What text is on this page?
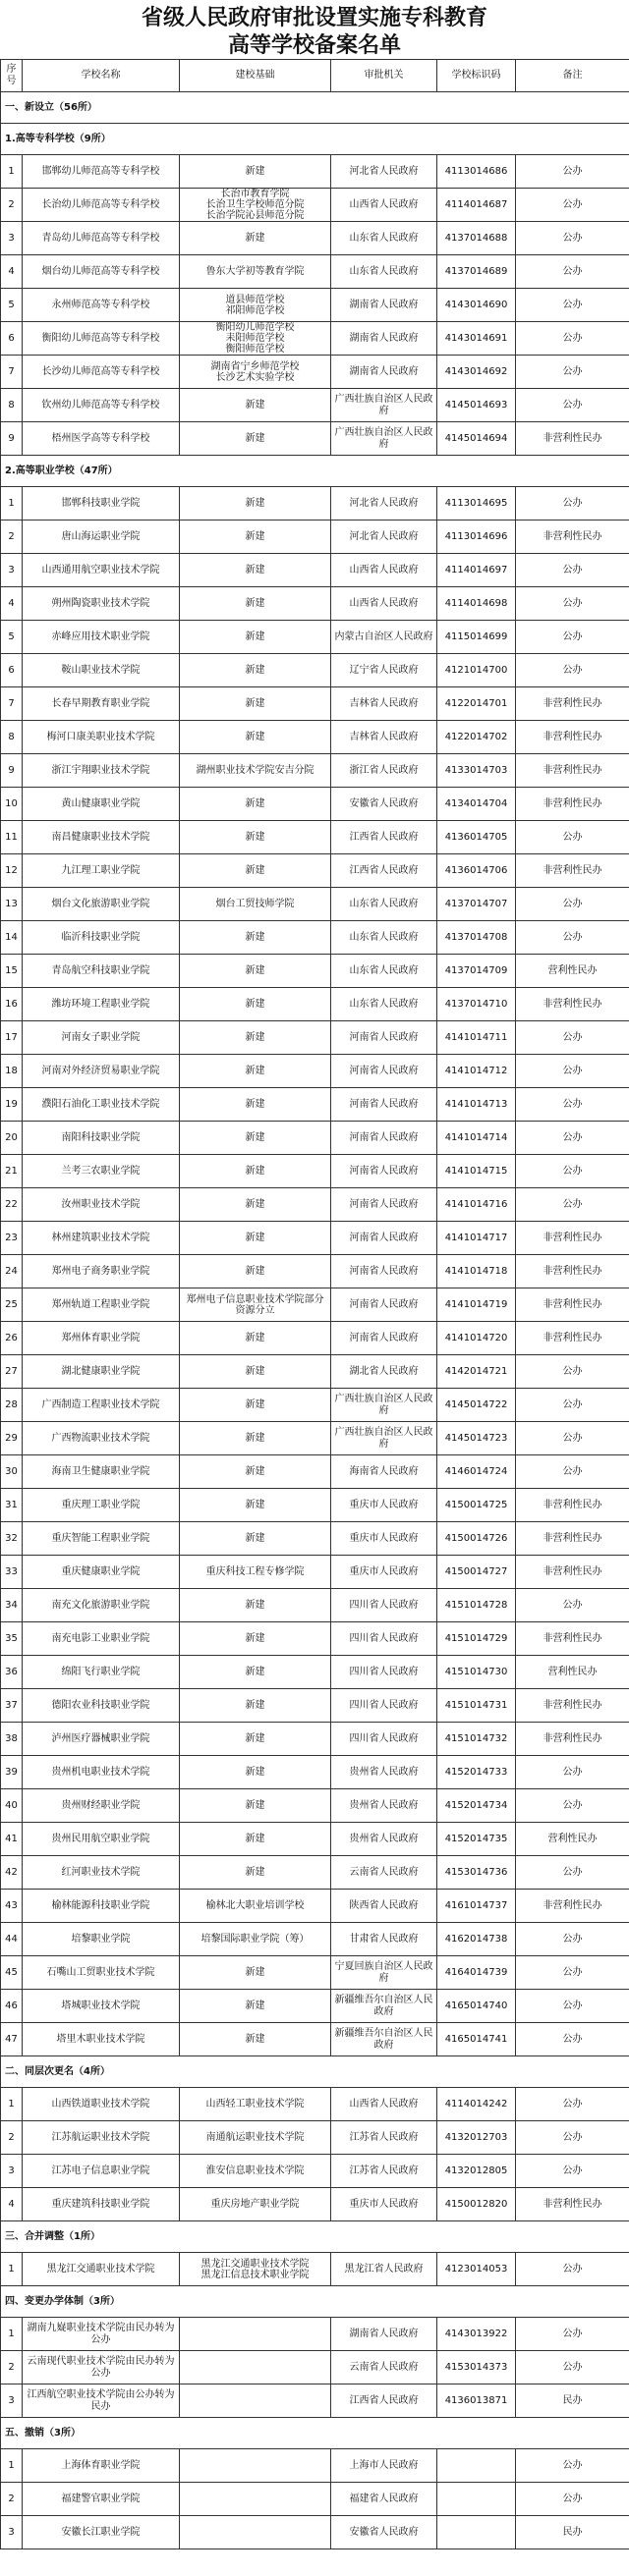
省级人民政府审批设置实施专科教育
高等学校备案名单
序号	学校名称	建校基础	审批机关	学校标识码	备注
一、新设立（56所）					
1.高等专科学校（9所）					
1	邯郸幼儿师范高等专科学校	新建	河北省人民政府	4113014686	公办
2	长治幼儿师范高等专科学校	长治市教育学院
长治卫生学校师范分院
长治学院沁县师范分院	山西省人民政府	4114014687	公办
3	青岛幼儿师范高等专科学校	新建	山东省人民政府	4137014688	公办
4	烟台幼儿师范高等专科学校	鲁东大学初等教育学院	山东省人民政府	4137014689	公办
5	永州师范高等专科学校	道县师范学校
祁阳师范学校	湖南省人民政府	4143014690	公办
6	衡阳幼儿师范高等专科学校	衡阳幼儿师范学校
耒阳师范学校
衡阳师范学校	湖南省人民政府	4143014691	公办
7	长沙幼儿师范高等专科学校	湖南省宁乡师范学校
长沙艺术实验学校	湖南省人民政府	4143014692	公办
8	钦州幼儿师范高等专科学校	新建	广西壮族自治区人民政府	4145014693	公办
9	梧州医学高等专科学校	新建	广西壮族自治区人民政府	4145014694	非营利性民办
2.高等职业学校（47所）					
1	邯郸科技职业学院	新建	河北省人民政府	4113014695	公办
2	唐山海运职业学院	新建	河北省人民政府	4113014696	非营利性民办
3	山西通用航空职业技术学院	新建	山西省人民政府	4114014697	公办
4	朔州陶瓷职业技术学院	新建	山西省人民政府	4114014698	公办
5	赤峰应用技术职业学院	新建	内蒙古自治区人民政府	4115014699	公办
6	鞍山职业技术学院	新建	辽宁省人民政府	4121014700	公办
7	长春早期教育职业学院	新建	吉林省人民政府	4122014701	非营利性民办
8	梅河口康美职业技术学院	新建	吉林省人民政府	4122014702	非营利性民办
9	浙江宇翔职业技术学院	湖州职业技术学院安吉分院	浙江省人民政府	4133014703	非营利性民办
10	黄山健康职业学院	新建	安徽省人民政府	4134014704	非营利性民办
11	南昌健康职业技术学院	新建	江西省人民政府	4136014705	公办
12	九江理工职业学院	新建	江西省人民政府	4136014706	非营利性民办
13	烟台文化旅游职业学院	烟台工贸技师学院	山东省人民政府	4137014707	公办
14	临沂科技职业学院	新建	山东省人民政府	4137014708	公办
15	青岛航空科技职业学院	新建	山东省人民政府	4137014709	营利性民办
16	潍坊环境工程职业学院	新建	山东省人民政府	4137014710	非营利性民办
17	河南女子职业学院	新建	河南省人民政府	4141014711	公办
18	河南对外经济贸易职业学院	新建	河南省人民政府	4141014712	公办
19	濮阳石油化工职业技术学院	新建	河南省人民政府	4141014713	公办
20	南阳科技职业学院	新建	河南省人民政府	4141014714	公办
21	兰考三农职业学院	新建	河南省人民政府	4141014715	公办
22	汝州职业技术学院	新建	河南省人民政府	4141014716	公办
23	林州建筑职业技术学院	新建	河南省人民政府	4141014717	非营利性民办
24	郑州电子商务职业学院	新建	河南省人民政府	4141014718	非营利性民办
25	郑州轨道工程职业学院	郑州电子信息职业技术学院部分资源分立	河南省人民政府	4141014719	非营利性民办
26	郑州体育职业学院	新建	河南省人民政府	4141014720	非营利性民办
27	湖北健康职业学院	新建	湖北省人民政府	4142014721	公办
28	广西制造工程职业技术学院	新建	广西壮族自治区人民政府	4145014722	公办
29	广西物流职业技术学院	新建	广西壮族自治区人民政府	4145014723	公办
30	海南卫生健康职业学院	新建	海南省人民政府	4146014724	公办
31	重庆理工职业学院	新建	重庆市人民政府	4150014725	非营利性民办
32	重庆智能工程职业学院	新建	重庆市人民政府	4150014726	非营利性民办
33	重庆健康职业学院	重庆科技工程专修学院	重庆市人民政府	4150014727	非营利性民办
34	南充文化旅游职业学院	新建	四川省人民政府	4151014728	公办
35	南充电影工业职业学院	新建	四川省人民政府	4151014729	非营利性民办
36	绵阳飞行职业学院	新建	四川省人民政府	4151014730	营利性民办
37	德阳农业科技职业学院	新建	四川省人民政府	4151014731	非营利性民办
38	泸州医疗器械职业学院	新建	四川省人民政府	4151014732	非营利性民办
39	贵州机电职业技术学院	新建	贵州省人民政府	4152014733	公办
40	贵州财经职业学院	新建	贵州省人民政府	4152014734	公办
41	贵州民用航空职业学院	新建	贵州省人民政府	4152014735	营利性民办
42	红河职业技术学院	新建	云南省人民政府	4153014736	公办
43	榆林能源科技职业学院	榆林北大职业培训学校	陕西省人民政府	4161014737	非营利性民办
44	培黎职业学院	培黎国际职业学院（筹）	甘肃省人民政府	4162014738	公办
45	石嘴山工贸职业技术学院	新建	宁夏回族自治区人民政府	4164014739	公办
46	塔城职业技术学院	新建	新疆维吾尔自治区人民政府	4165014740	公办
47	塔里木职业技术学院	新建	新疆维吾尔自治区人民政府	4165014741	公办
二、同层次更名（4所）					
1	山西铁道职业技术学院	山西轻工职业技术学院	山西省人民政府	4114014242	公办
2	江苏航运职业技术学院	南通航运职业技术学院	江苏省人民政府	4132012703	公办
3	江苏电子信息职业学院	淮安信息职业技术学院	江苏省人民政府	4132012805	公办
4	重庆建筑科技职业学院	重庆房地产职业学院	重庆市人民政府	4150012820	非营利性民办
三、合并调整（1所）					
1	黑龙江交通职业技术学院	黑龙江交通职业技术学院
黑龙江信息技术职业学院	黑龙江省人民政府	4123014053	公办
四、变更办学体制（3所）					
1	湖南九嶷职业技术学院由民办转为公办		湖南省人民政府	4143013922	公办
2	云南现代职业技术学院由民办转为公办		云南省人民政府	4153014373	公办
3	江西航空职业技术学院由公办转为民办		江西省人民政府	4136013871	民办
五、撤销（3所）					
1	上海体育职业学院		上海市人民政府		公办
2	福建警官职业学院		福建省人民政府		公办
3	安徽长江职业学院		安徽省人民政府		民办
